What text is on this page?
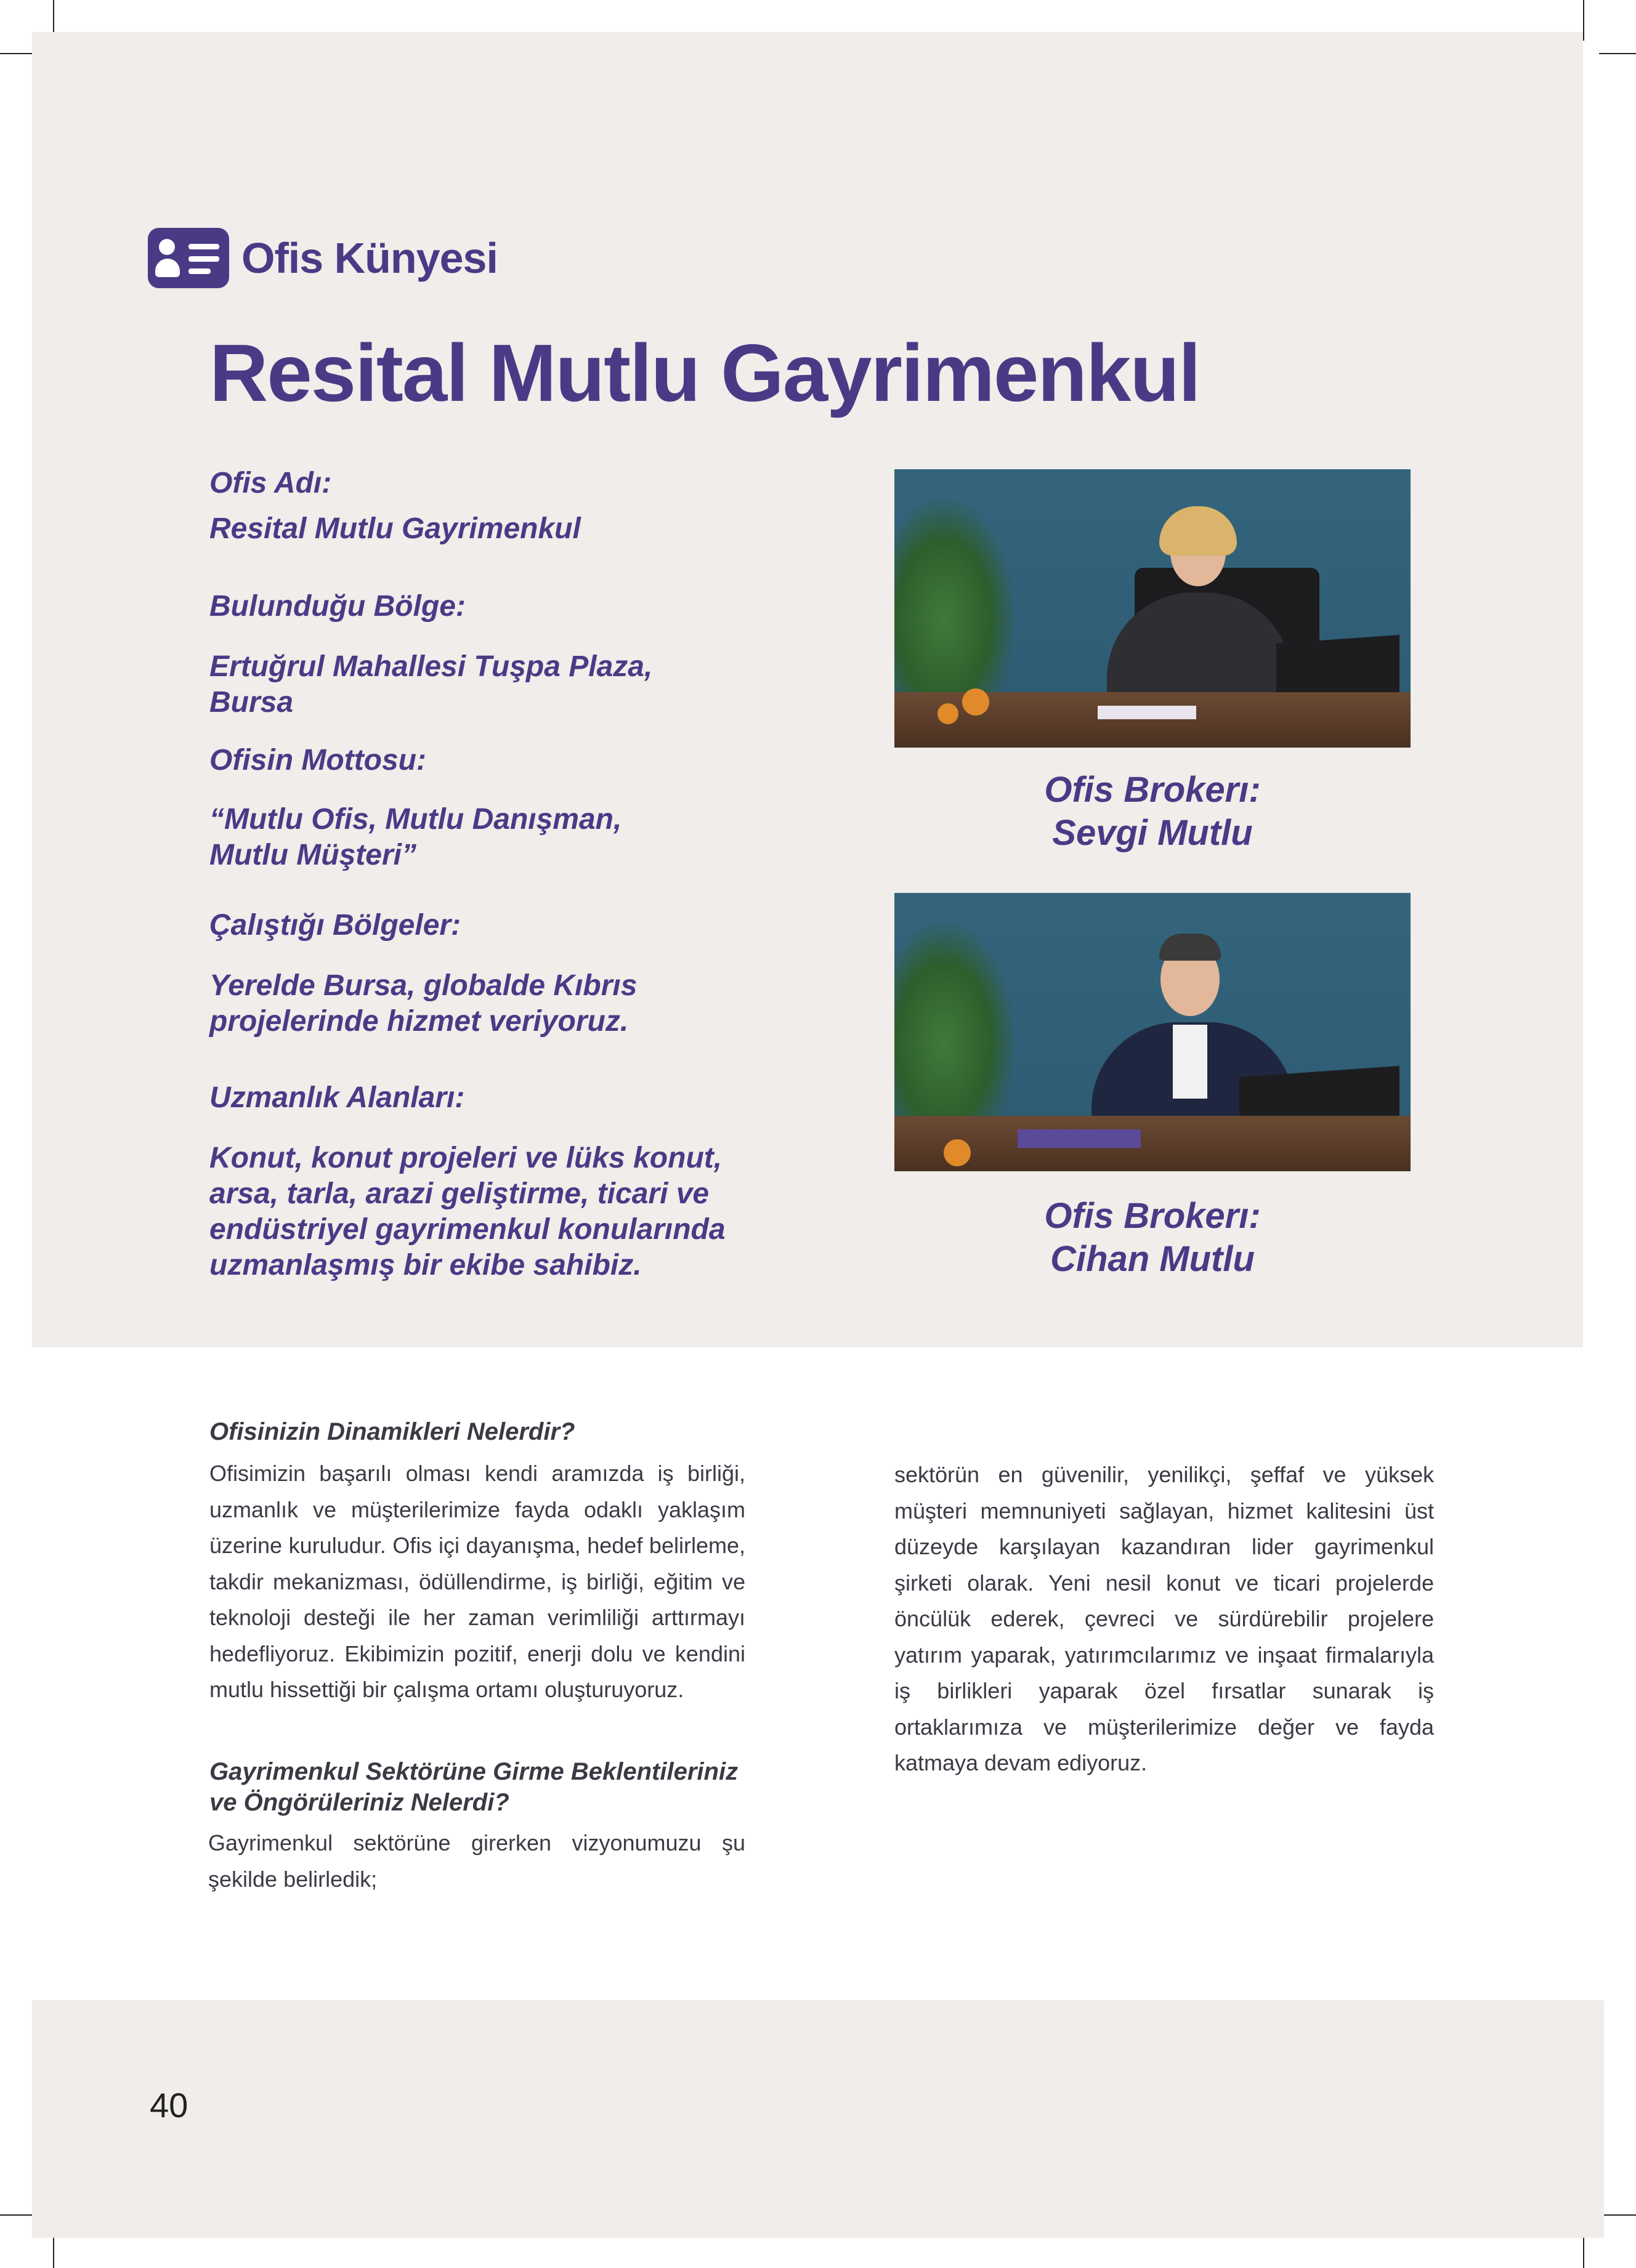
Ofis Künyesi
Resital Mutlu Gayrimenkul
Ofis Adı:
Resital Mutlu Gayrimenkul
Bulunduğu Bölge:
Ertuğrul Mahallesi Tuşpa Plaza, Bursa
Ofisin Mottosu:
“Mutlu Ofis, Mutlu Danışman, Mutlu Müşteri”
Çalıştığı Bölgeler:
Yerelde Bursa, globalde Kıbrıs projelerinde hizmet veriyoruz.
Uzmanlık Alanları:
Konut, konut projeleri ve lüks konut, arsa, tarla, arazi geliştirme, ticari ve endüstriyel gayrimenkul konularında uzmanlaşmış bir ekibe sahibiz.
Ofis Brokerı:
Sevgi Mutlu
Ofis Brokerı:
Cihan Mutlu
Ofisinizin Dinamikleri Nelerdir?
Ofisimizin başarılı olması kendi aramızda iş birliği, uzmanlık ve müşterilerimize fayda odaklı yaklaşım üzerine kuruludur. Ofis içi dayanışma, hedef belirleme, takdir mekanizması, ödüllendirme, iş birliği, eğitim ve teknoloji desteği ile her zaman verimliliği arttırmayı hedefliyoruz. Ekibimizin pozitif, enerji dolu ve kendini mutlu hissettiği bir çalışma ortamı oluşturuyoruz.
Gayrimenkul Sektörüne Girme Beklentileriniz ve Öngörüleriniz Nelerdi?
Gayrimenkul sektörüne girerken vizyonumuzu şu şekilde belirledik;
sektörün en güvenilir, yenilikçi, şeffaf ve yüksek müşteri memnuniyeti sağlayan, hizmet kalitesini üst düzeyde karşılayan kazandıran lider gayrimenkul şirketi olarak. Yeni nesil konut ve ticari projelerde öncülük ederek, çevreci ve sürdürebilir projelere yatırım yaparak, yatırımcılarımız ve inşaat firmalarıyla iş birlikleri yaparak özel fırsatlar sunarak iş ortaklarımıza ve müşterilerimize değer ve fayda katmaya devam ediyoruz.
40
